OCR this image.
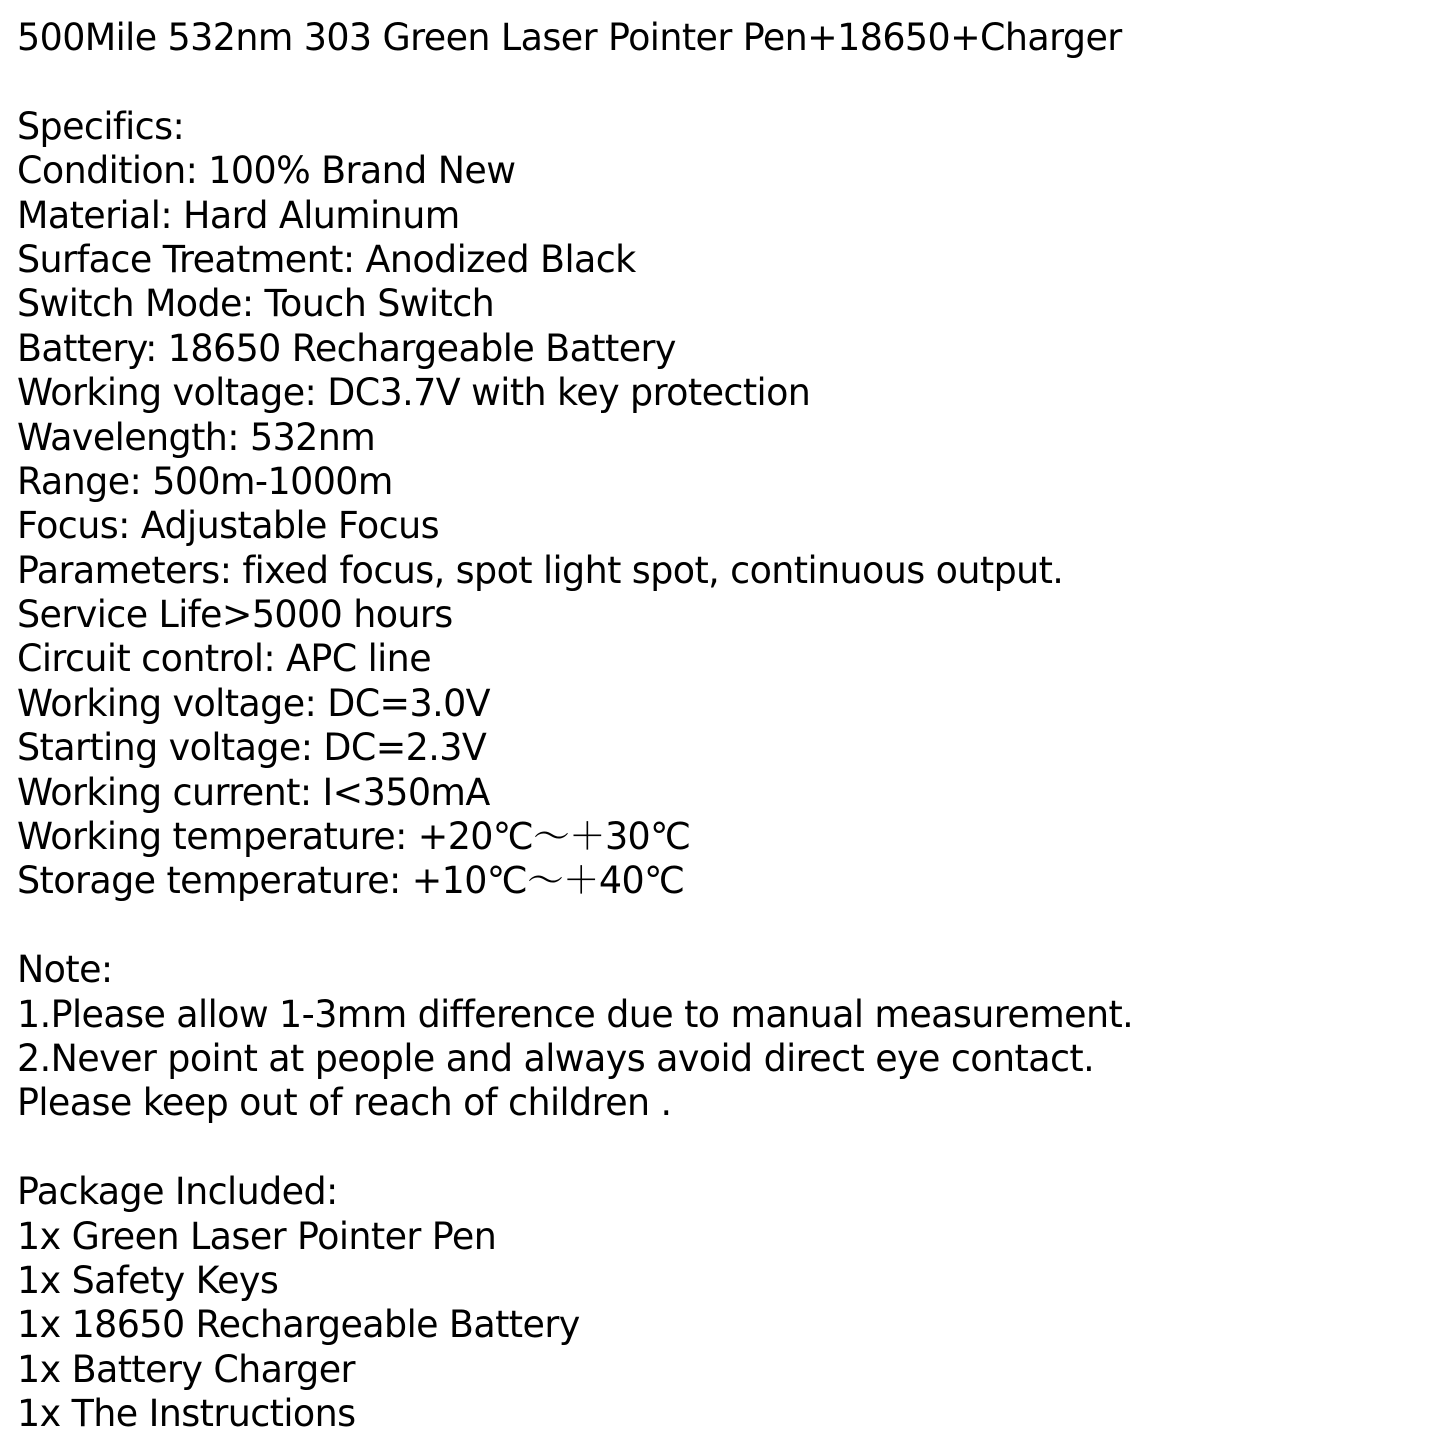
500Mile 532nm 303 Green Laser Pointer Pen+18650+Charger
Specifics:
Condition: 100% Brand New
Material: Hard Aluminum
Surface Treatment: Anodized Black
Switch Mode: Touch Switch
Battery: 18650 Rechargeable Battery
Working voltage: DC3.7V with key protection
Wavelength: 532nm
Range: 500m-1000m
Focus: Adjustable Focus
Parameters: fixed focus, spot light spot, continuous output.
Service Life>5000 hours
Circuit control: APC line
Working voltage: DC=3.0V
Starting voltage: DC=2.3V
Working current: I<350mA
Working temperature: +20℃～＋30℃
Storage temperature: +10℃～＋40℃
Note:
1.Please allow 1-3mm difference due to manual measurement.
2.Never point at people and always avoid direct eye contact.
Please keep out of reach of children .
Package Included:
1x Green Laser Pointer Pen
1x Safety Keys
1x 18650 Rechargeable Battery
1x Battery Charger
1x The Instructions
